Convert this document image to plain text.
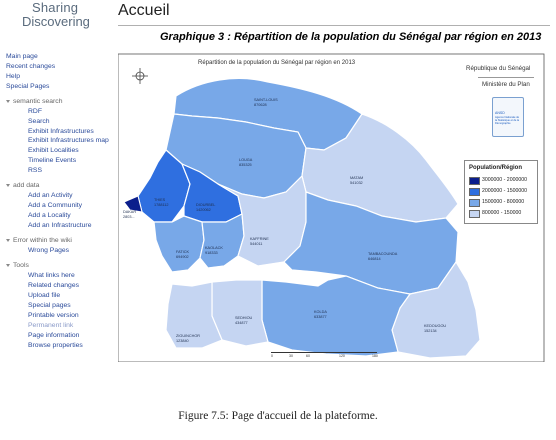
Sharing
Discovering
Main page
Recent changes
Help
Special Pages
semantic search
RDF
Search
Exhibit Infrastructures
Exhibit Infrastructures map
Exhibit Localities
Timeline Events
RSS
add data
Add an Activity
Add a Community
Add a Locality
Add an Infrastructure
Error within the wiki
Wrong Pages
Tools
What links here
Related changes
Upload file
Special pages
Printable version
Permanent link
Page information
Browse properties
Accueil
Graphique 3 : Répartition de la population du Sénégal par région en 2013
Répartition de la population du Sénégal par région en 2013
République du Sénégal
Ministère du Plan
ANSD
Agence Nationale de la Statistique et de la Démographie
Population/Région
3000000 - 2000000
2000000 - 1500000
1500000 - 800000
800000 - 150000
SAINT-LOUIS
870628
LOUGA
835325
MATAM
541032
THIES
1788112	DIOURBEL
1420062
DAKAR
2803...
FATICK
694902
KAOLACK
918333
KAFFRINE
544011
TAMBACOUNDA
646814
KOLDA
633877
SEDHIOU
434877
ZIGUINCHOR
123840
KEDOUGOU
152134
0	30	60	120	180
Figure 7.5: Page d'accueil de la plateforme.
